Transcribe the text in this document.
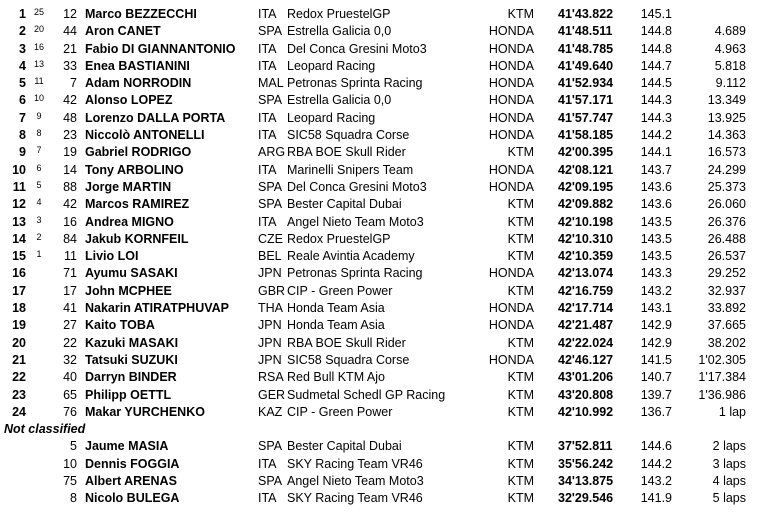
1 25	12 Marco BEZZECCHI	ITA Redox PruestelGP	KTM 41'43.822 145.1
2 20	44 Aron CANET	SPA Estrella Galicia 0,0	HONDA 41'48.511 144.8	4.689
3 16	21 Fabio DI GIANNANTONIO ITA Del Conca Gresini Moto3	HONDA 41'48.785 144.8	4.963
4 13	33 Enea BASTIANINI	ITA Leopard Racing	HONDA 41'49.640 144.7	5.818
5 11	7 Adam NORRODIN	MAL Petronas Sprinta Racing	HONDA 41'52.934 144.5	9.112
6 10	42 Alonso LOPEZ	SPA Estrella Galicia 0,0	HONDA 41'57.171 144.3	13.349
7	9	48 Lorenzo DALLA PORTA	ITA Leopard Racing	HONDA 41'57.747 144.3	13.925
8	8	23 Niccolò ANTONELLI	ITA SIC58 Squadra Corse	HONDA 41'58.185 144.2	14.363
9	7	19 Gabriel RODRIGO	ARG RBA BOE Skull Rider	KTM 42'00.395 144.1	16.573
10	6	14 Tony ARBOLINO	ITA Marinelli Snipers Team	HONDA 42'08.121 143.7	24.299
11	5	88 Jorge MARTIN	SPA Del Conca Gresini Moto3	HONDA 42'09.195 143.6	25.373
12	4	42 Marcos RAMIREZ	SPA Bester Capital Dubai	KTM 42'09.882 143.6	26.060
13	3	16 Andrea MIGNO	ITA Angel Nieto Team Moto3	KTM 42'10.198 143.5	26.376
14	2	84 Jakub KORNFEIL	CZE Redox PruestelGP	KTM 42'10.310 143.5	26.488
15	1	11 Livio LOI	BEL Reale Avintia Academy	KTM 42'10.359 143.5	26.537
16	71 Ayumu SASAKI	JPN Petronas Sprinta Racing	HONDA 42'13.074 143.3	29.252
17	17 John MCPHEE	GBR CIP - Green Power	KTM 42'16.759 143.2	32.937
18	41 Nakarin ATIRATPHUVAP THA Honda Team Asia	HONDA 42'17.714 143.1	33.892
19	27 Kaito TOBA	JPN Honda Team Asia	HONDA 42'21.487 142.9	37.665
20	22 Kazuki MASAKI	JPN RBA BOE Skull Rider	KTM 42'22.024 142.9	38.202
21	32 Tatsuki SUZUKI	JPN SIC58 Squadra Corse	HONDA 42'46.127 141.5	1'02.305
22	40 Darryn BINDER	RSA Red Bull KTM Ajo	KTM 43'01.206 140.7	1'17.384
23	65 Philipp OETTL	GER Sudmetal Schedl GP Racing	KTM 43'20.808 139.7	1'36.986
24	76 Makar YURCHENKO	KAZ CIP - Green Power	KTM 42'10.992 136.7	1 lap
Not classified
5 Jaume MASIA	SPA Bester Capital Dubai	KTM 37'52.811 144.6	2 laps
10 Dennis FOGGIA	ITA SKY Racing Team VR46	KTM 35'56.242 144.2	3 laps
75 Albert ARENAS	SPA Angel Nieto Team Moto3	KTM 34'13.875 143.2	4 laps
8 Nicolo BULEGA	ITA SKY Racing Team VR46	KTM 32'29.546 141.9	5 laps
